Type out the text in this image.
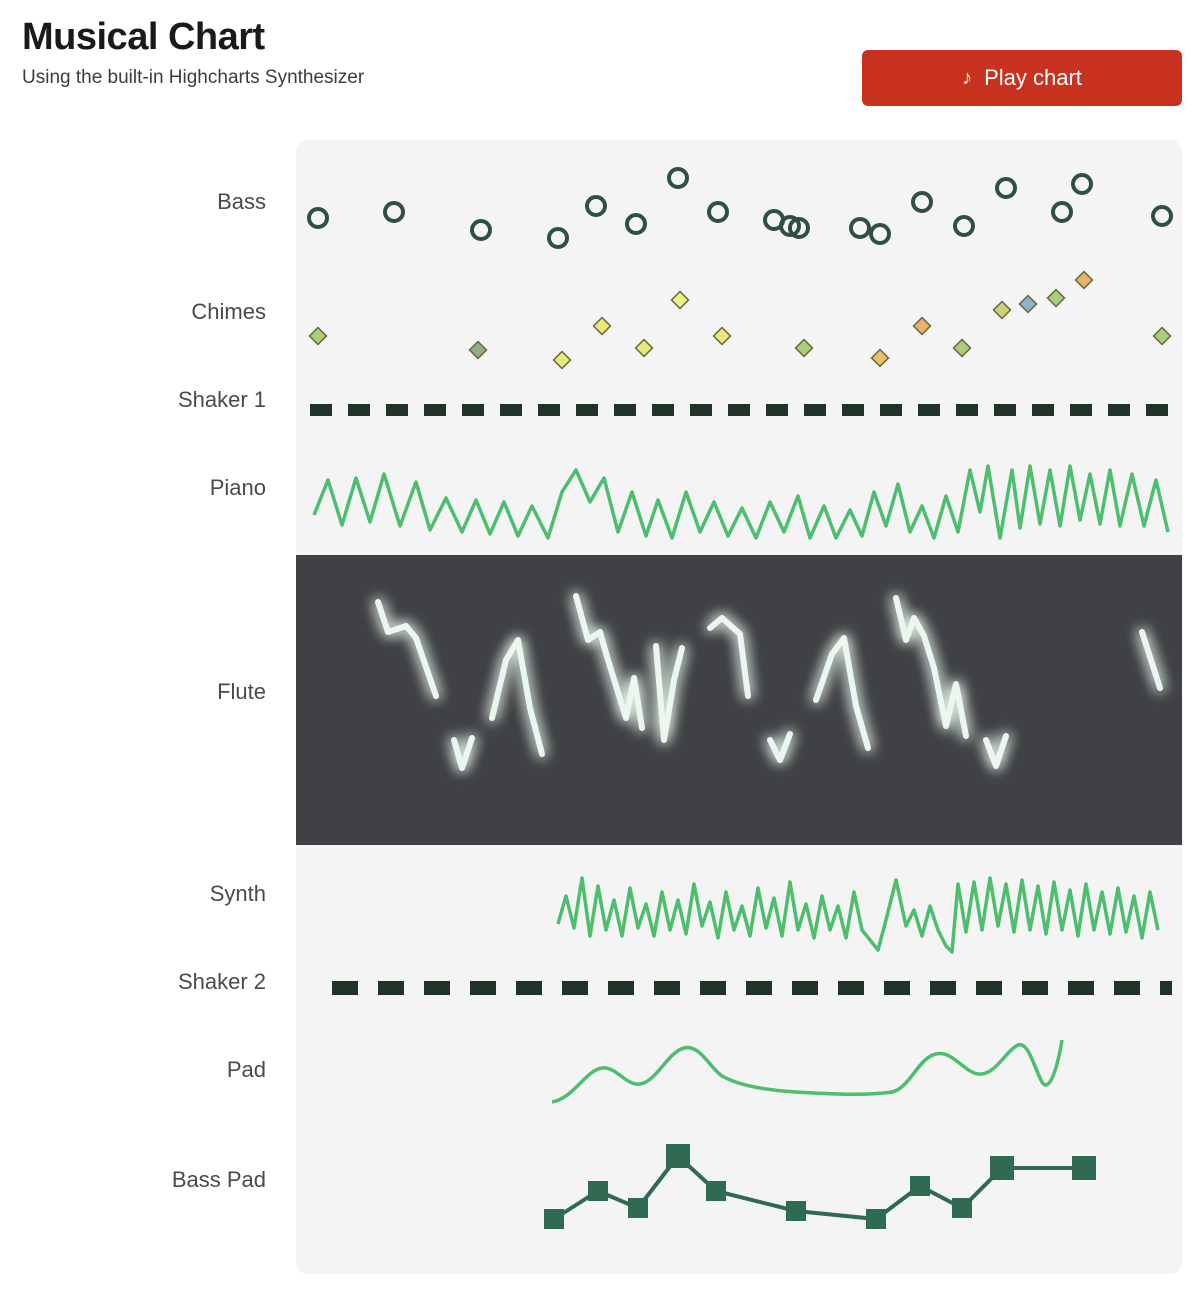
Musical Chart

Using the built-in Highcharts Synthesizer	♪ Play chart
Bass
Chimes
Shaker 1
Piano
Flute
Synth
Shaker 2
Pad
Bass Pad
